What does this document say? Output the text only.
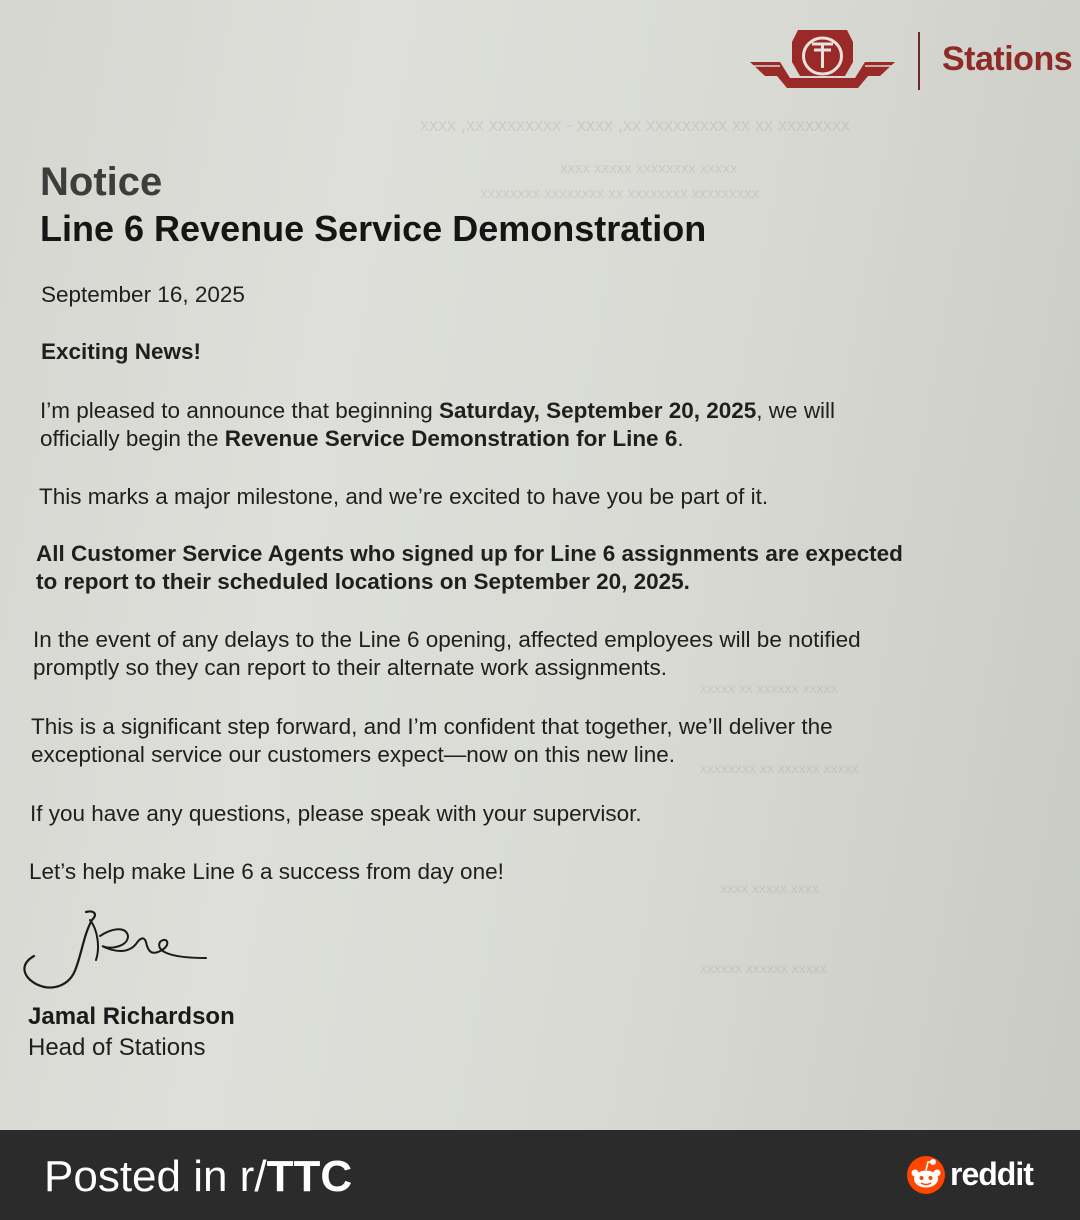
xxxxxxxx xx xx xxxxxxxxx xx, xxxx - xxxxxxxx xx, xxxx
xxxxx xxxxxxxx xxxxx xxxx
xxxxxxxxx xxxxxxxx xx xxxxxxxx xxxxxxxx
xxxxx xxxxxx xx xxxxx
xxxxx xxxxxx xx xxxxxxxx
xxxx xxxxx xxxx
xxxxx xxxxxx xxxxxx
Stations
Notice
Line 6 Revenue Service Demonstration
September 16, 2025
Exciting News!
I’m pleased to announce that beginning Saturday, September 20, 2025, we will
officially begin the Revenue Service Demonstration for Line 6.
This marks a major milestone, and we’re excited to have you be part of it.
All Customer Service Agents who signed up for Line 6 assignments are expected
to report to their scheduled locations on September 20, 2025.
In the event of any delays to the Line 6 opening, affected employees will be notified
promptly so they can report to their alternate work assignments.
This is a significant step forward, and I’m confident that together, we’ll deliver the
exceptional service our customers expect—now on this new line.
If you have any questions, please speak with your supervisor.
Let’s help make Line 6 a success from day one!
Jamal Richardson
Head of Stations
Posted in r/TTC	reddit
